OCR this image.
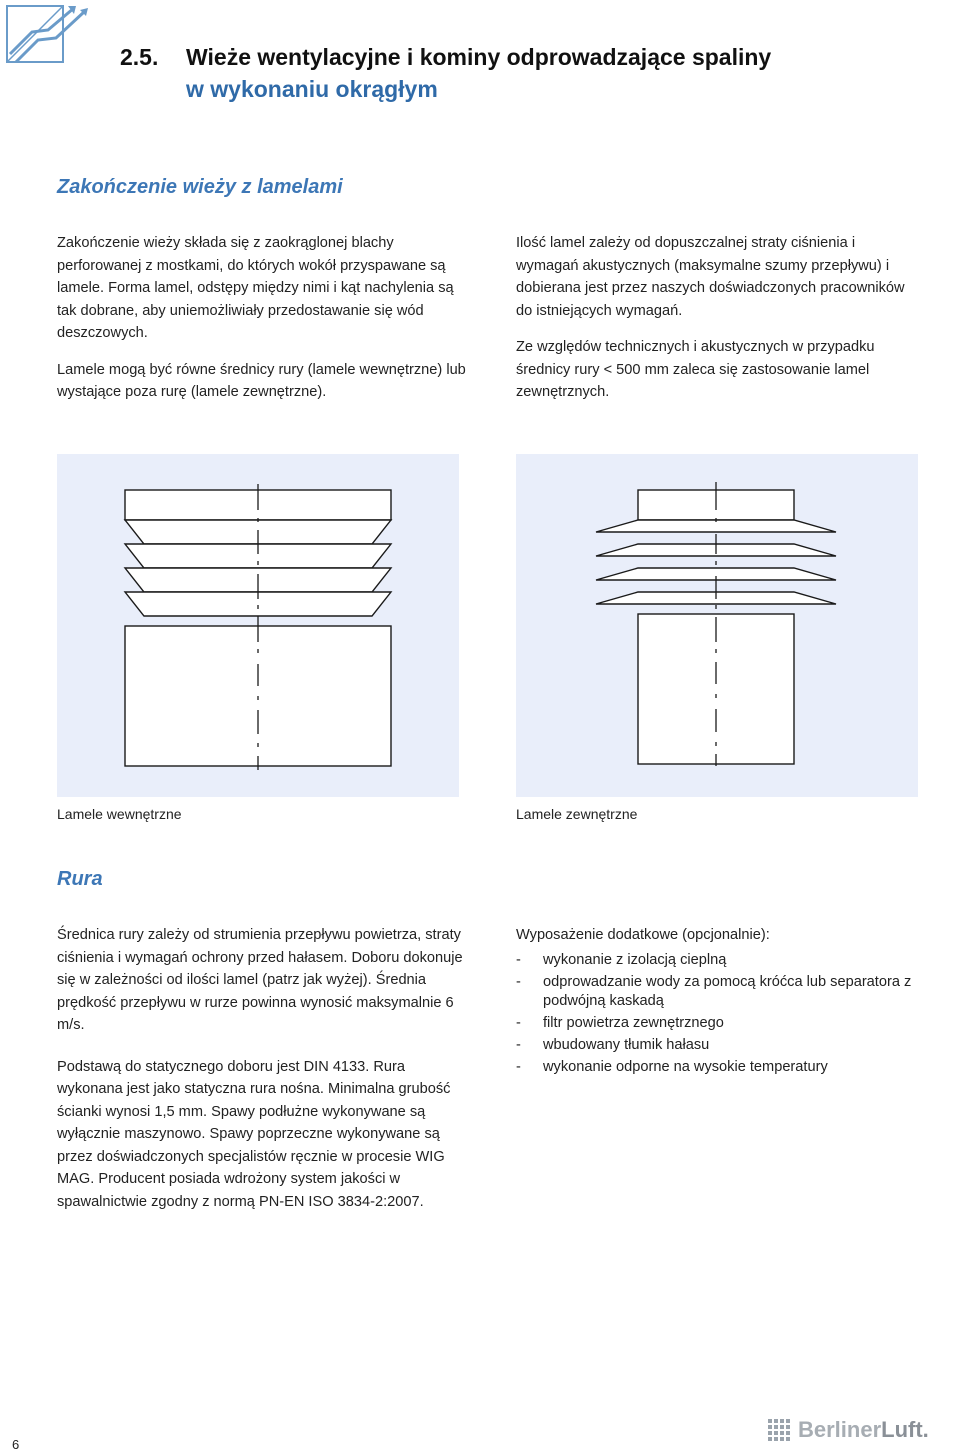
2.5. Wieże wentylacyjne i kominy odprowadzające spaliny
w wykonaniu okrągłym
Zakończenie wieży z lamelami

Zakończenie wieży składa się z zaokrąglonej blachy perforowanej z mostkami, do których wokół przyspawane są lamele. Forma lamel, odstępy między nimi i kąt nachylenia są tak dobrane, aby uniemożliwiały przedostawanie się wód deszczowych.

Lamele mogą być równe średnicy rury (lamele wewnętrzne) lub wystające poza rurę (lamele zewnętrzne).

Ilość lamel zależy od dopuszczalnej straty ciśnienia i wymagań akustycznych (maksymalne szumy przepływu) i dobierana jest przez naszych doświadczonych pracowników do istniejących wymagań.

Ze względów technicznych i akustycznych w przypadku średnicy rury < 500 mm zaleca się zastosowanie lamel zewnętrznych.

Lamele wewnętrzne	Lamele zewnętrzne
Rura

Średnica rury zależy od strumienia przepływu powietrza, straty ciśnienia i wymagań ochrony przed hałasem. Doboru dokonuje się w zależności od ilości lamel (patrz jak wyżej). Średnia prędkość przepływu w rurze powinna wynosić maksymalnie 6 m/s.

Podstawą do statycznego doboru jest DIN 4133. Rura wykonana jest jako statyczna rura nośna. Minimalna grubość ścianki wynosi 1,5 mm. Spawy podłużne wykonywane są wyłącznie maszynowo. Spawy poprzeczne wykonywane są przez doświadczonych specjalistów ręcznie w procesie WIG MAG. Producent posiada wdrożony system jakości w spawalnictwie zgodny z normą PN-EN ISO 3834-2:2007.

Wyposażenie dodatkowe (opcjonalnie):

- wykonanie z izolacją cieplną
- odprowadzanie wody za pomocą króćca lub separatora z podwójną kaskadą
- filtr powietrza zewnętrznego
- wbudowany tłumik hałasu
- wykonanie odporne na wysokie temperatury
6
BerlinerLuft.
